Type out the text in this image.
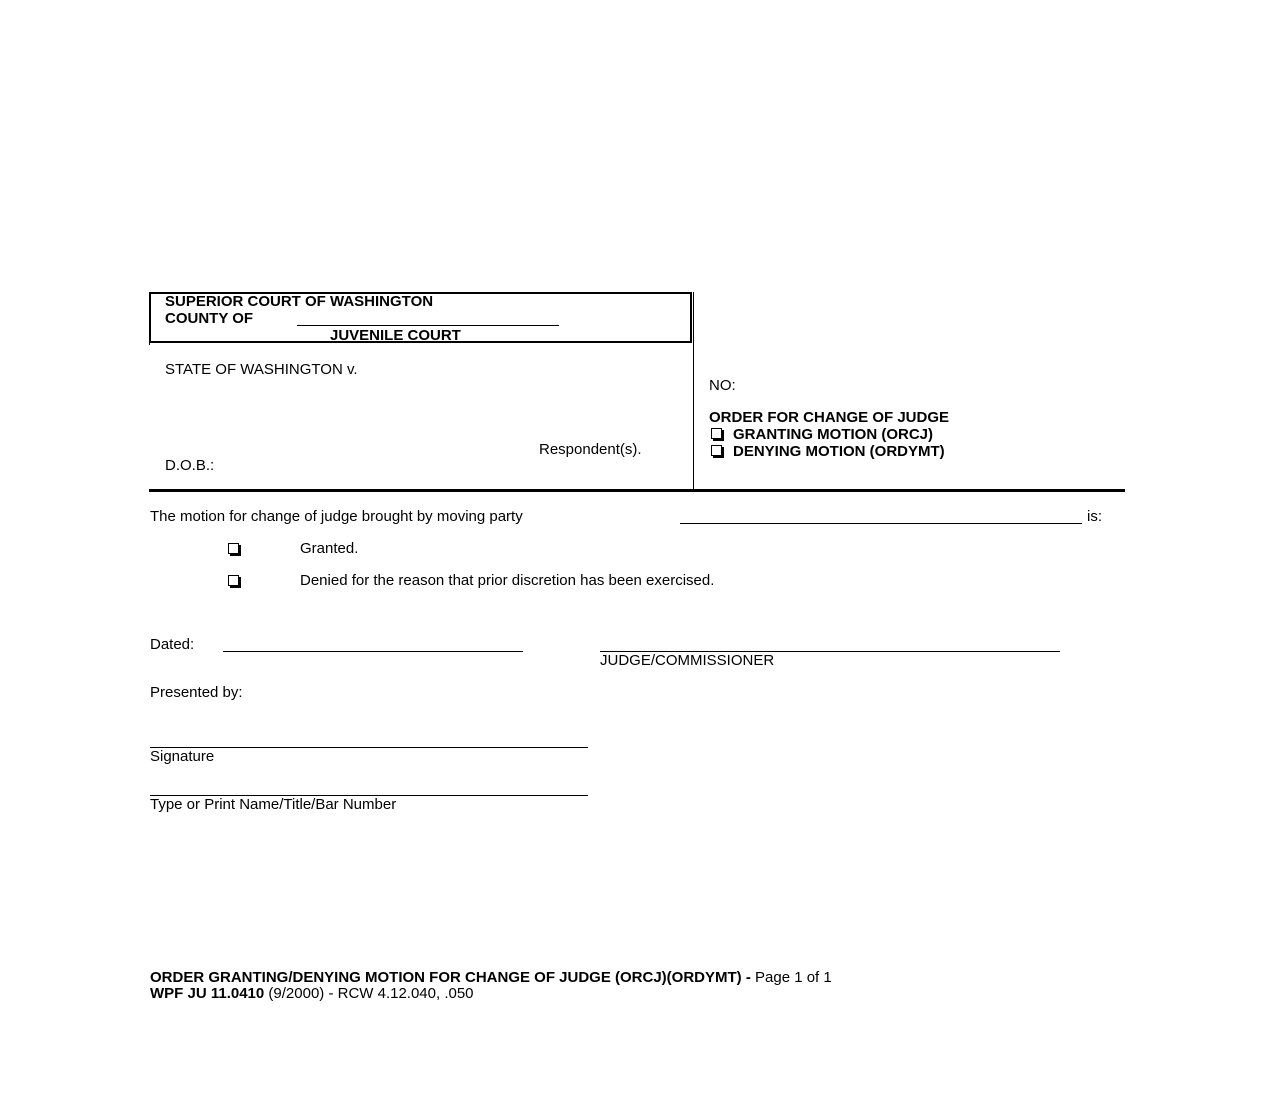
SUPERIOR COURT OF WASHINGTON
COUNTY OF
JUVENILE COURT
STATE OF WASHINGTON v.
Respondent(s).
D.O.B.:
NO:
ORDER FOR CHANGE OF JUDGE
GRANTING MOTION (ORCJ)
DENYING MOTION (ORDYMT)
The motion for change of judge brought by moving party	is:
Granted.
Denied for the reason that prior discretion has been exercised.
Dated:
JUDGE/COMMISSIONER
Presented by:
Signature
Type or Print Name/Title/Bar Number
ORDER GRANTING/DENYING MOTION FOR CHANGE OF JUDGE (ORCJ)(ORDYMT) - Page 1 of 1
WPF JU 11.0410 (9/2000) - RCW 4.12.040, .050
